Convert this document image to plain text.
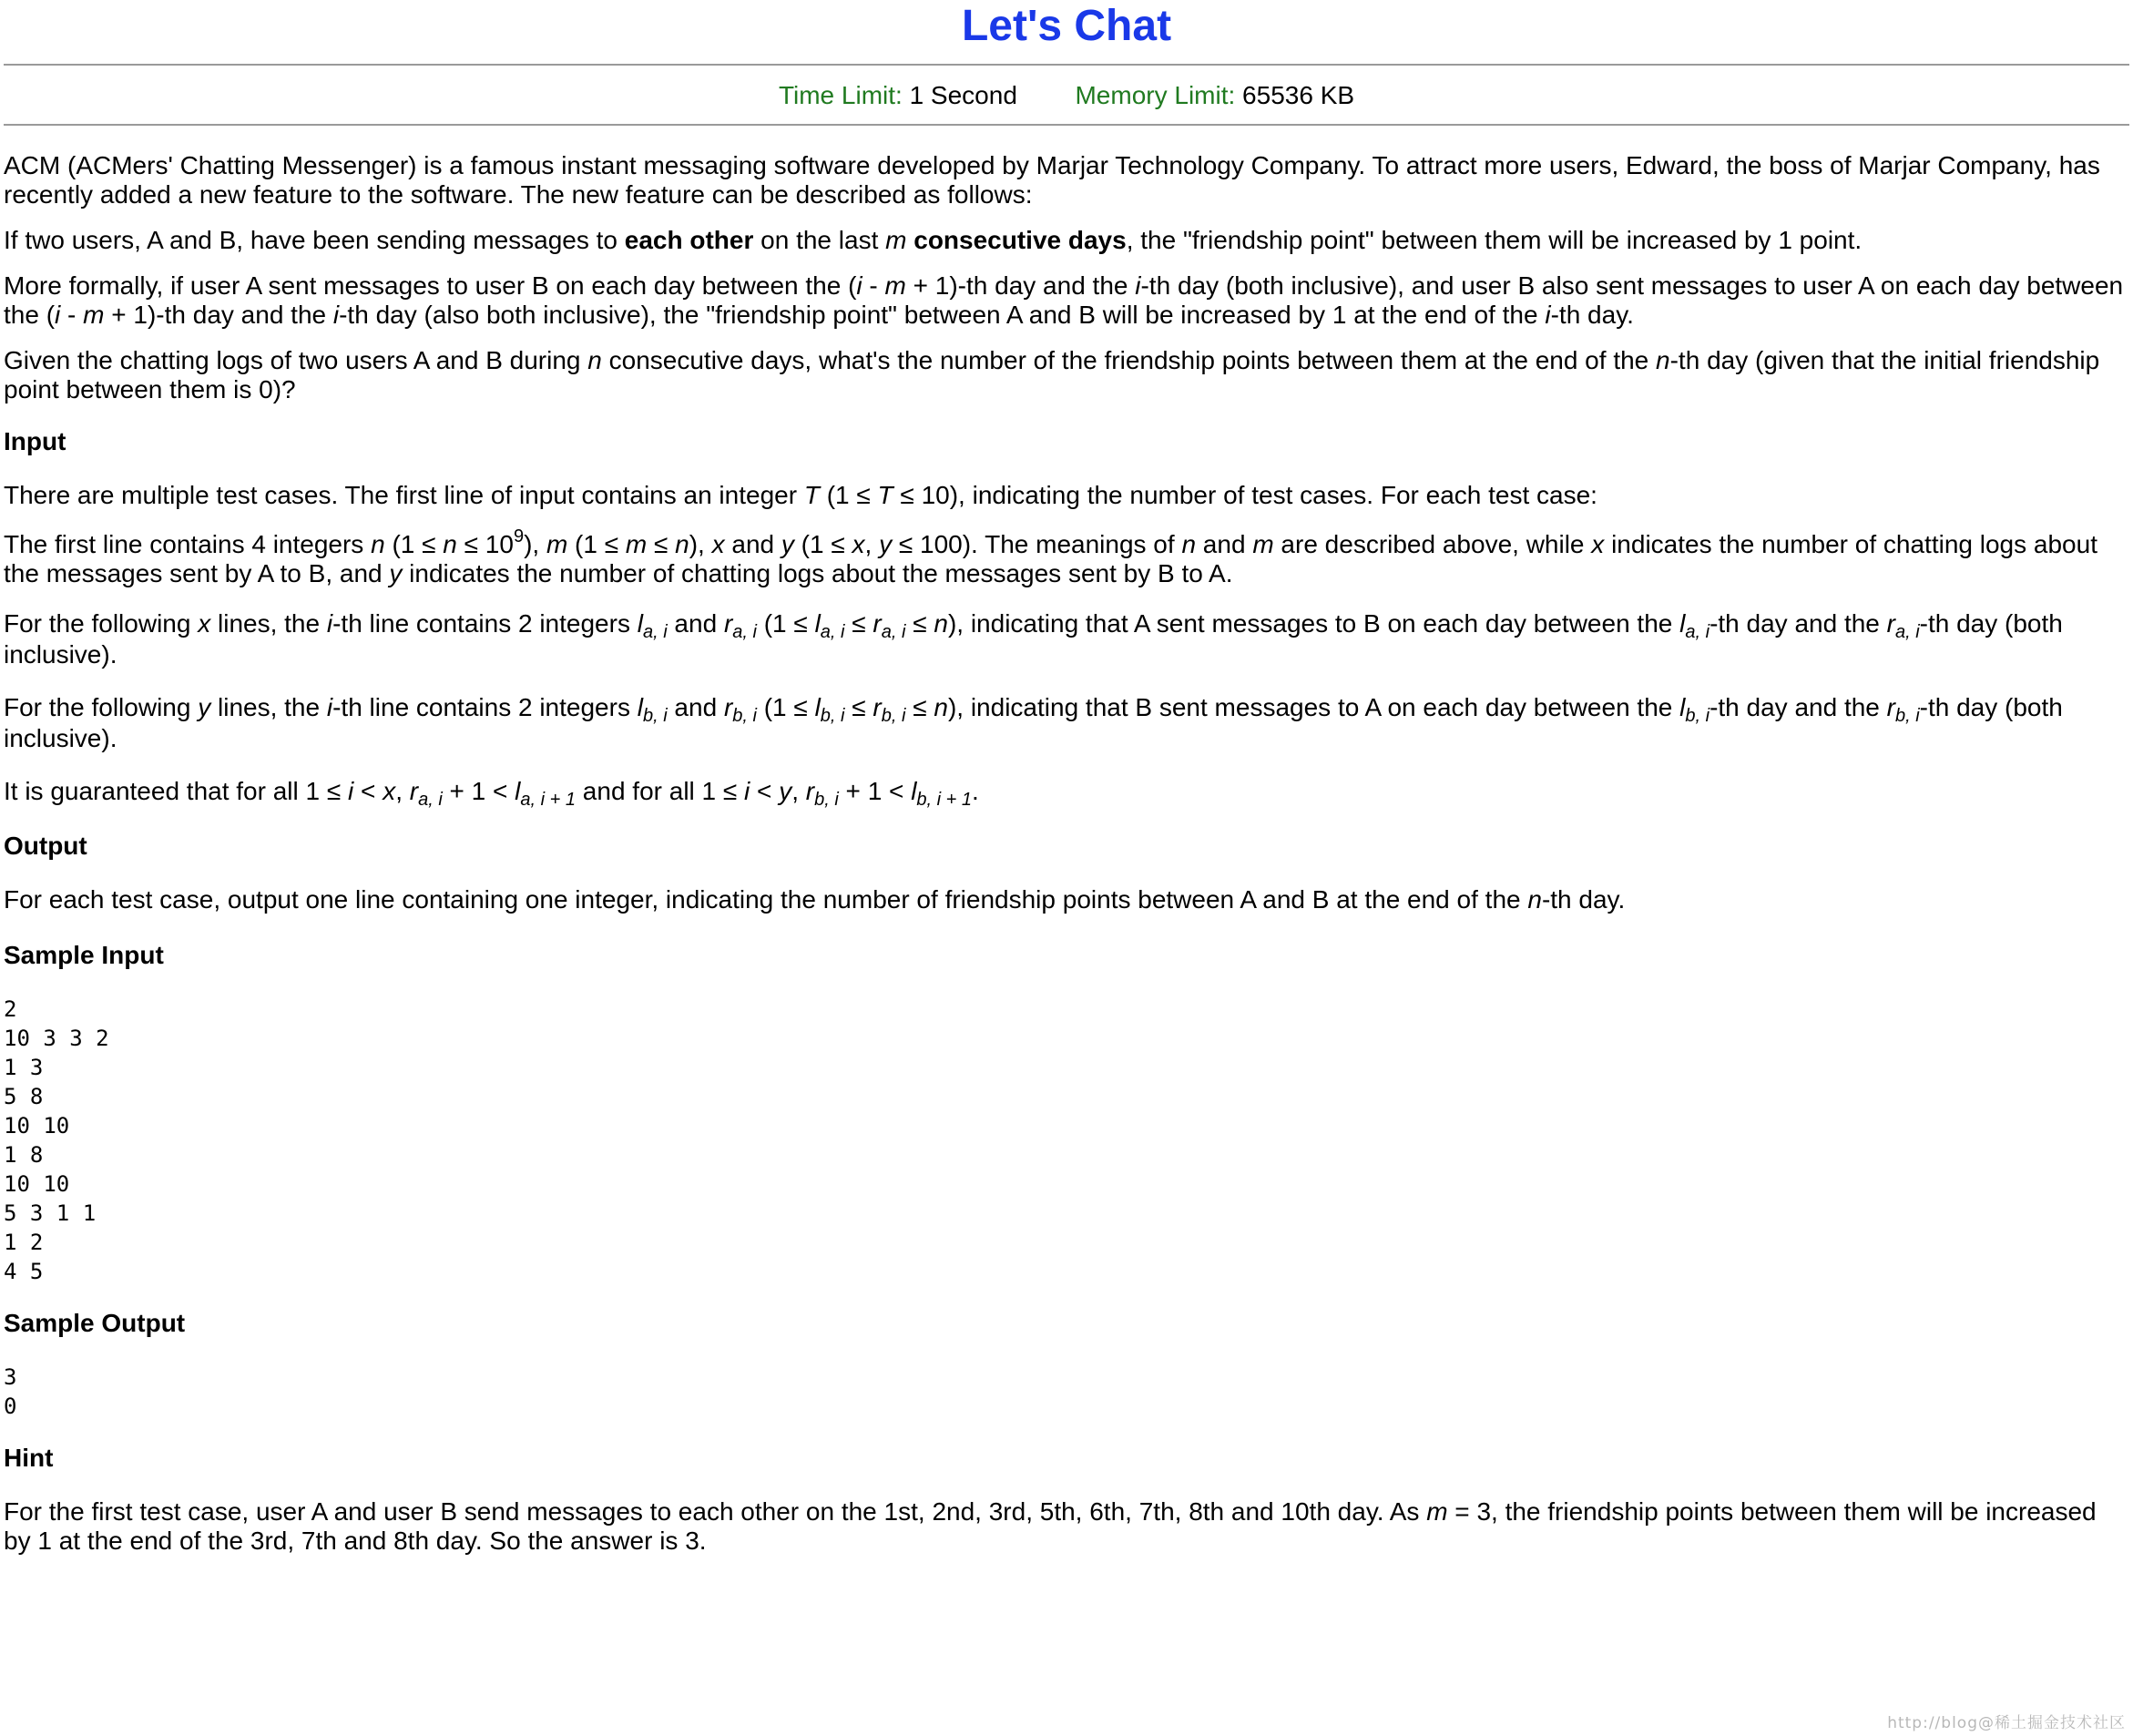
Let's Chat
Time Limit: 1 Second Memory Limit: 65536 KB

ACM (ACMers' Chatting Messenger) is a famous instant messaging software developed by Marjar Technology Company. To attract more users, Edward, the boss of Marjar Company, has recently added a new feature to the software. The new feature can be described as follows:

If two users, A and B, have been sending messages to each other on the last m consecutive days, the "friendship point" between them will be increased by 1 point.

More formally, if user A sent messages to user B on each day between the (i - m + 1)-th day and the i-th day (both inclusive), and user B also sent messages to user A on each day between the (i - m + 1)-th day and the i-th day (also both inclusive), the "friendship point" between A and B will be increased by 1 at the end of the i-th day.

Given the chatting logs of two users A and B during n consecutive days, what's the number of the friendship points between them at the end of the n-th day (given that the initial friendship point between them is 0)?

Input

There are multiple test cases. The first line of input contains an integer T (1 ≤ T ≤ 10), indicating the number of test cases. For each test case:

The first line contains 4 integers n $(1 \le n \le 10^9)$, m (1 ≤ m ≤ n), x and y (1 ≤ x, y ≤ 100). The meanings of n and m are described above, while x indicates the number of chatting logs about the messages sent by A to B, and y indicates the number of chatting logs about the messages sent by B to A.

For the following x lines, the i-th line contains 2 integers $l_{a, i}$ and $r_{a, i}$ $(1 \le l_{a, i} \le r_{a, i} \le n)$, indicating that A sent messages to B on each day between the $l_{a, i}-th$ day and the $r_{a, i}-th$ day (both inclusive).

For the following y lines, the i-th line contains 2 integers $l_{b, i}$ and $r_{b, i}$ $(1 \le l_{b, i} \le r_{b, i} \le n)$, indicating that B sent messages to A on each day between the $l_{b, i}-th$ day and the $r_{b, i}-th$ day (both inclusive).

It is guaranteed that for all 1 ≤ i < x, $r_{a, i} + 1 < l_{a, i + 1}$ and for all 1 ≤ i < y, $r_{b, i} + 1 < l_{b, i + 1}$.

Output

For each test case, output one line containing one integer, indicating the number of friendship points between A and B at the end of the n-th day.

Sample Input
2
10 3 3 2
1 3
5 8
10 10
1 8
10 10
5 3 1 1
1 2
4 5
Sample Output
3
0
Hint

For the first test case, user A and user B send messages to each other on the 1st, 2nd, 3rd, 5th, 6th, 7th, 8th and 10th day. As m = 3, the friendship points between them will be increased by 1 at the end of the 3rd, 7th and 8th day. So the answer is 3.

http://blog@稀土掘金技术社区
